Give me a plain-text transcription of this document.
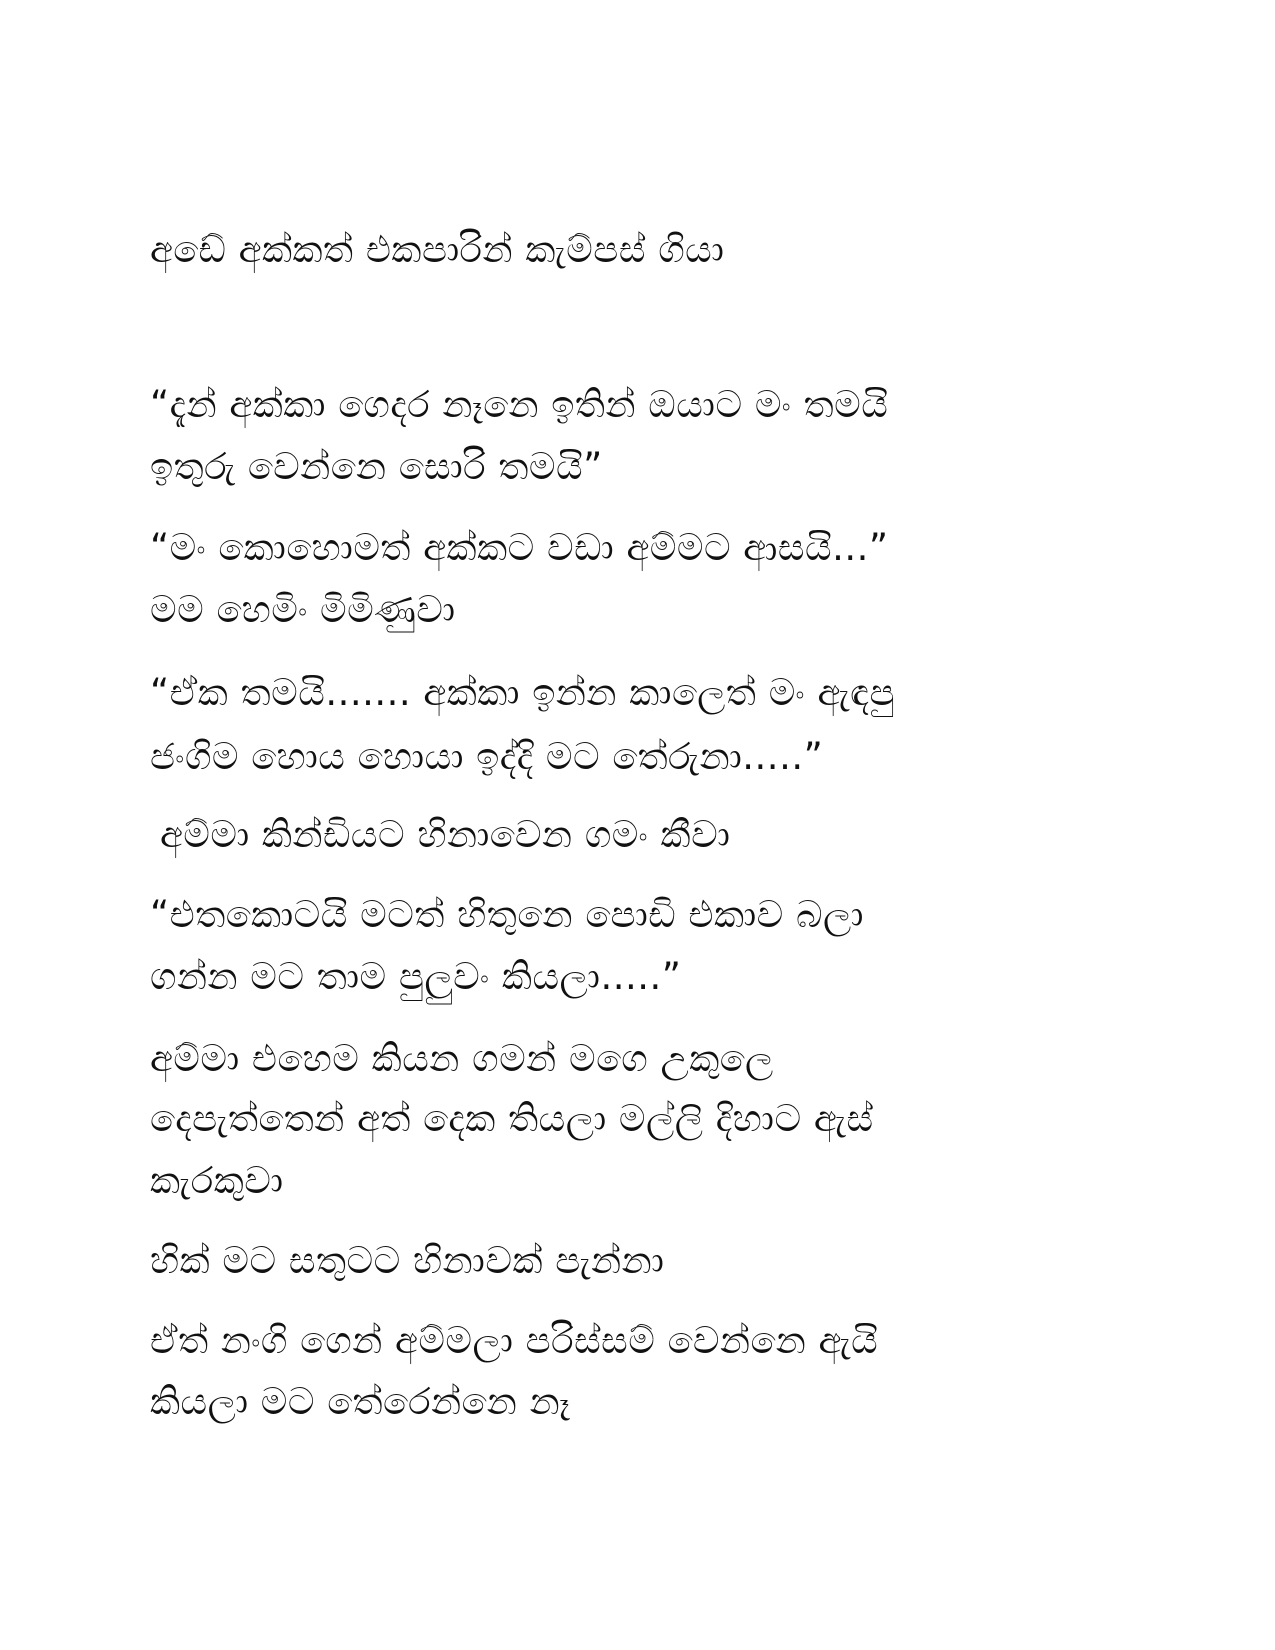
අඩේ අක්කත් එකපාරින් කැම්පස් ගියා
“දැන් අක්කා ගෙදර නෑනෙ ඉතින් ඔයාට මං තමයි
ඉතුරු වෙන්නෙ සොරි තමයි”
“මං කොහොමත් අක්කට වඩා අම්මට ආසයි...”
මම හෙමිං මිමිණුවා
“ඒක තමයි....... අක්කා ඉන්න කාලෙත් මං ඇඳපු
ජංගිම හොය හොයා ඉද්දි මට තේරුනා.....”
අම්මා කින්ඩියට හිනාවෙන ගමං කීවා
“එතකොටයි මටත් හිතුනෙ පොඩි එකාව බලා
ගන්න මට තාම පුලුවං කියලා.....”
අම්මා එහෙම කියන ගමන් මගෙ උකුලෙ
දෙපැත්තෙන් අත් දෙක තියලා මල්ලි දිහාට ඇස්
කැරකුවා
හික් මට සතුටට හිනාවක් පැන්නා
ඒත් නංගි ගෙන් අම්මලා පරිස්සම් වෙන්නෙ ඇයි
කියලා මට තේරෙන්නෙ නෑ
